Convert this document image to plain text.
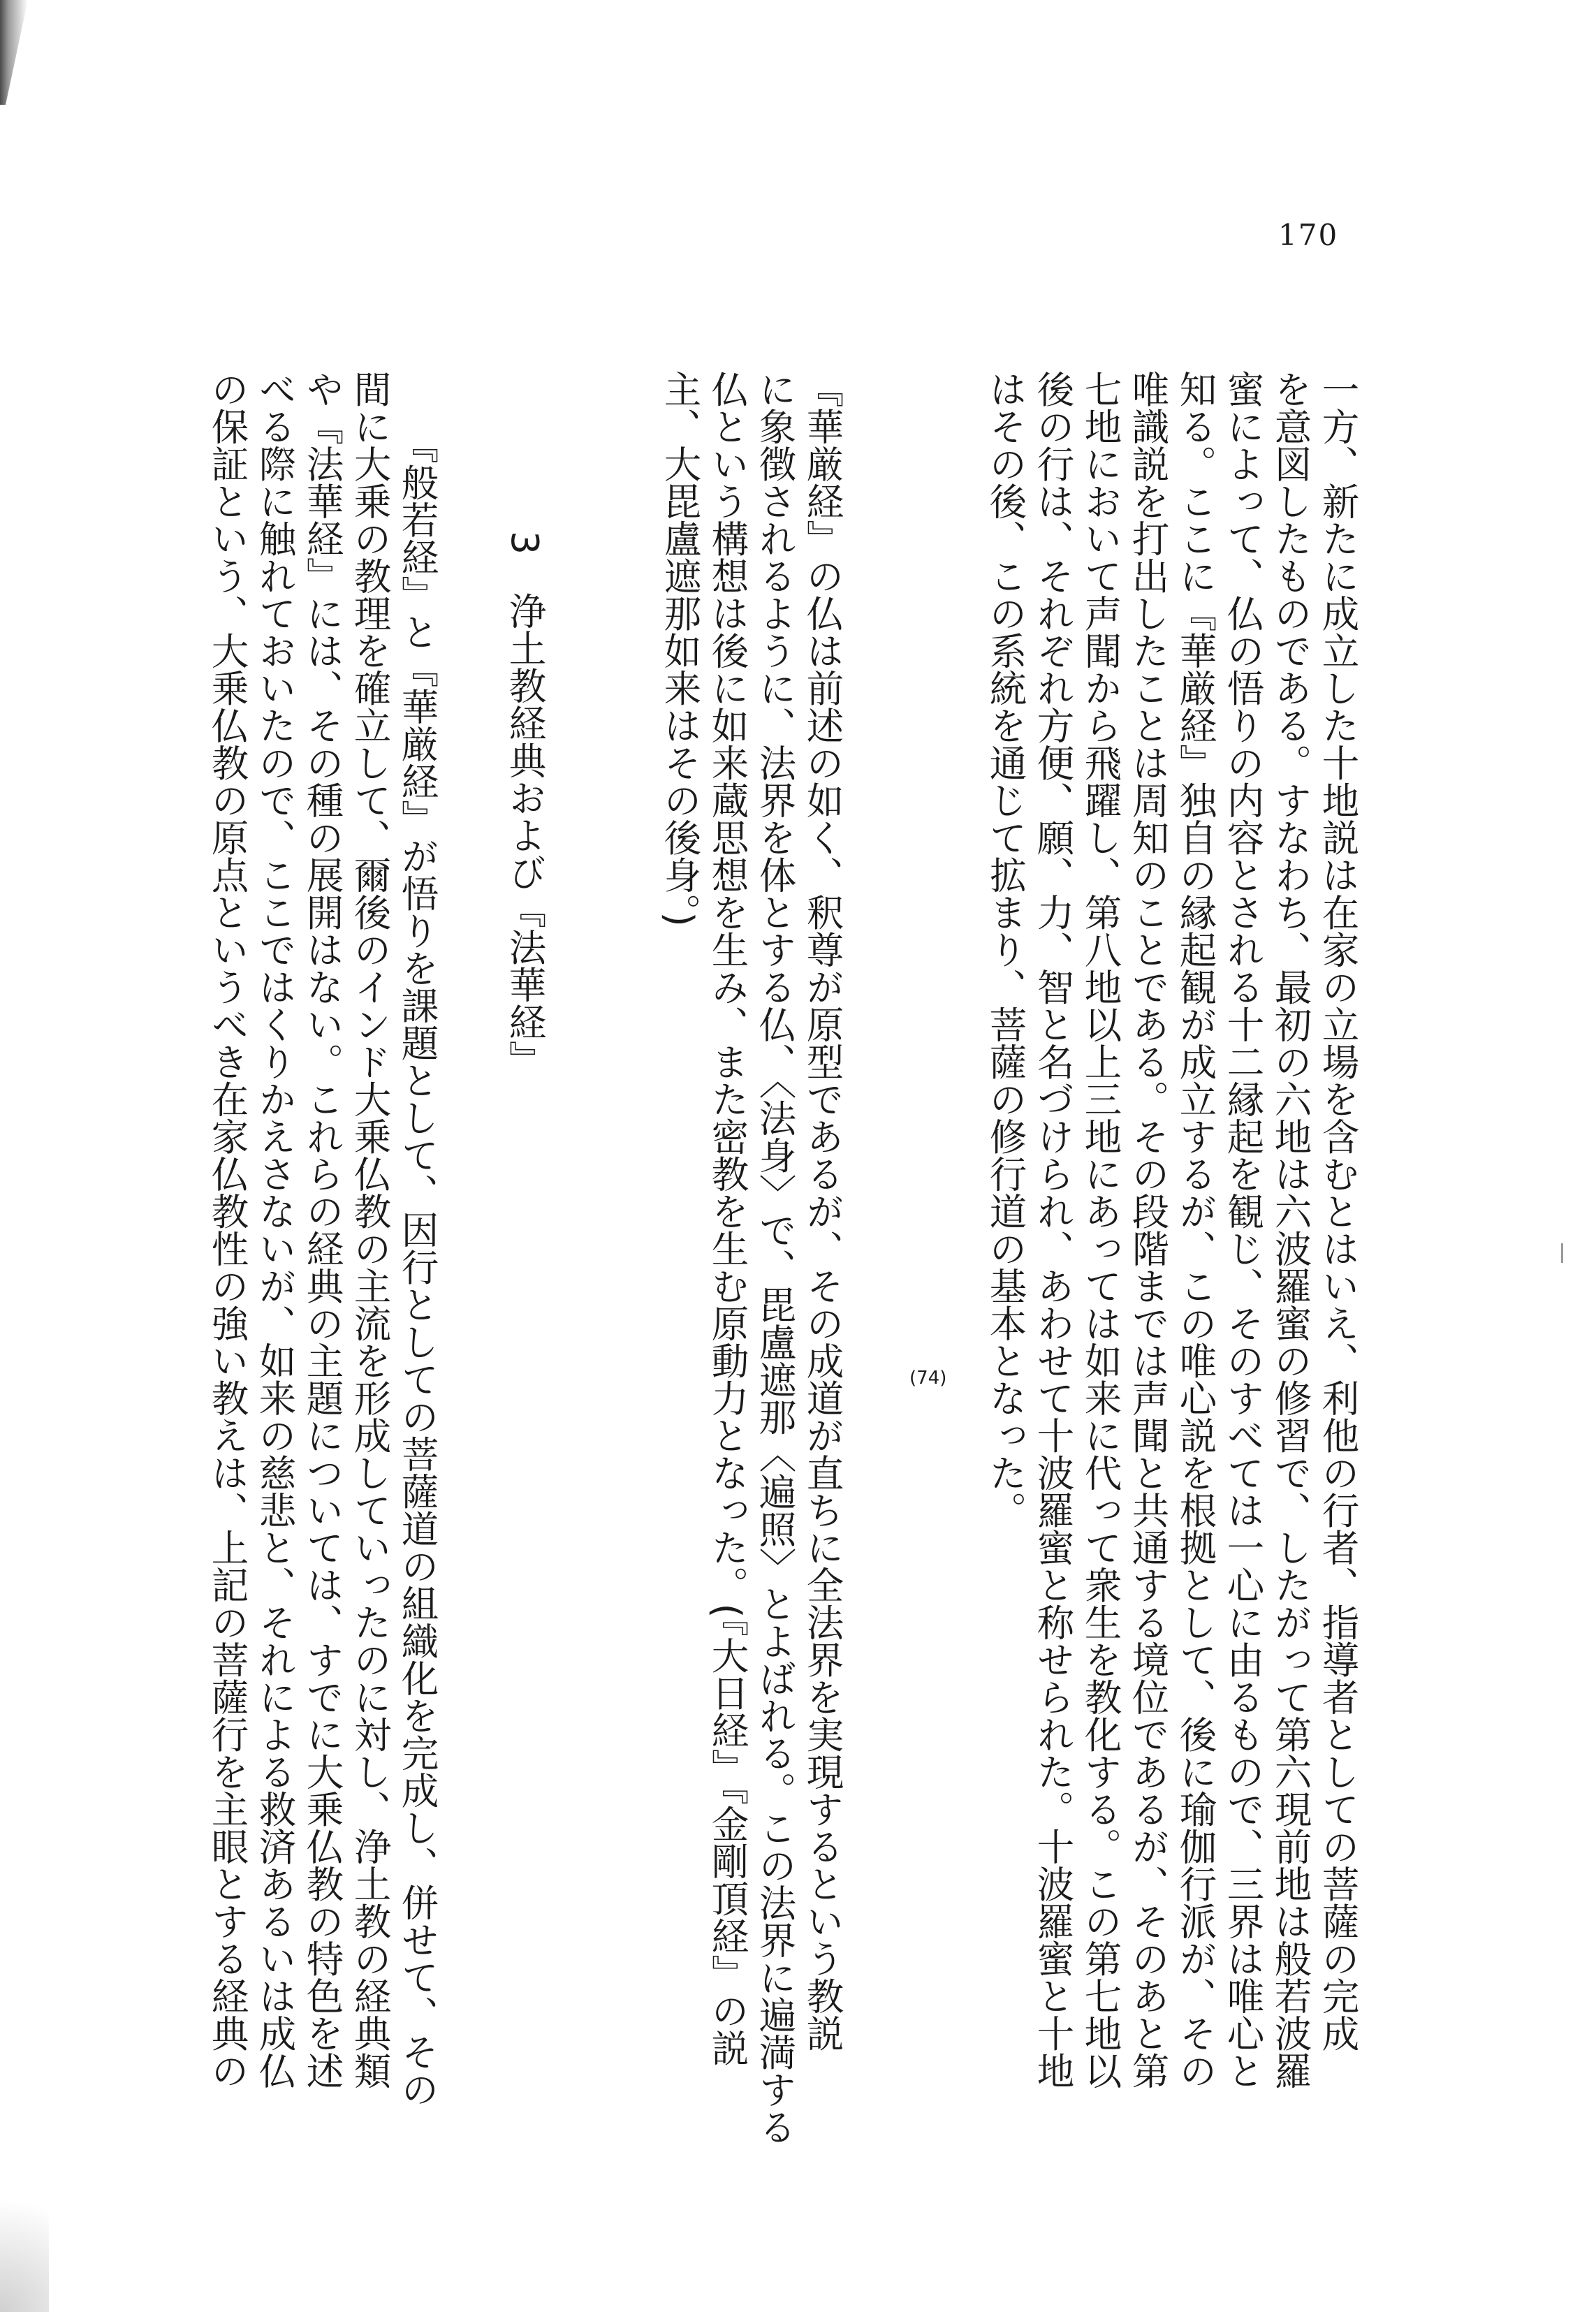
170
一方、新たに成立した十地説は在家の立場を含むとはいえ、利他の行者、指導者としての菩薩の完成
を意図したものである。すなわち、最初の六地は六波羅蜜の修習で、したがって第六現前地は般若波羅
蜜によって、仏の悟りの内容とされる十二縁起を観じ、そのすべては一心に由るもので、三界は唯心と
知る。ここに『華厳経』独自の縁起観が成立するが、この唯心説を根拠として、後に瑜伽行派が、その
唯識説を打出したことは周知のことである。その段階までは声聞と共通する境位であるが、そのあと第
七地において声聞から飛躍し、第八地以上三地にあっては如来に代って衆生を教化する。この第七地以
後の行は、それぞれ方便、願、力、智と名づけられ、あわせて十波羅蜜と称せられた。十波羅蜜と十地
はその後、この系統を通じて拡まり、菩薩の修行道の基本となった。
(74)
『華厳経』の仏は前述の如く、釈尊が原型であるが、その成道が直ちに全法界を実現するという教説
に象徴されるように、法界を体とする仏、〈法身〉で、毘盧遮那〈遍照〉とよばれる。この法界に遍満する
仏という構想は後に如来蔵思想を生み、また密教を生む原動力となった。(『大日経』『金剛頂経』の説
主、大毘盧遮那如来はその後身。)
3　浄土教経典および『法華経』
『般若経』と『華厳経』が悟りを課題として、因行としての菩薩道の組織化を完成し、併せて、その
間に大乗の教理を確立して、爾後のインド大乗仏教の主流を形成していったのに対し、浄土教の経典類
や『法華経』には、その種の展開はない。これらの経典の主題については、すでに大乗仏教の特色を述
べる際に触れておいたので、ここではくりかえさないが、如来の慈悲と、それによる救済あるいは成仏
の保証という、大乗仏教の原点というべき在家仏教性の強い教えは、上記の菩薩行を主眼とする経典の
